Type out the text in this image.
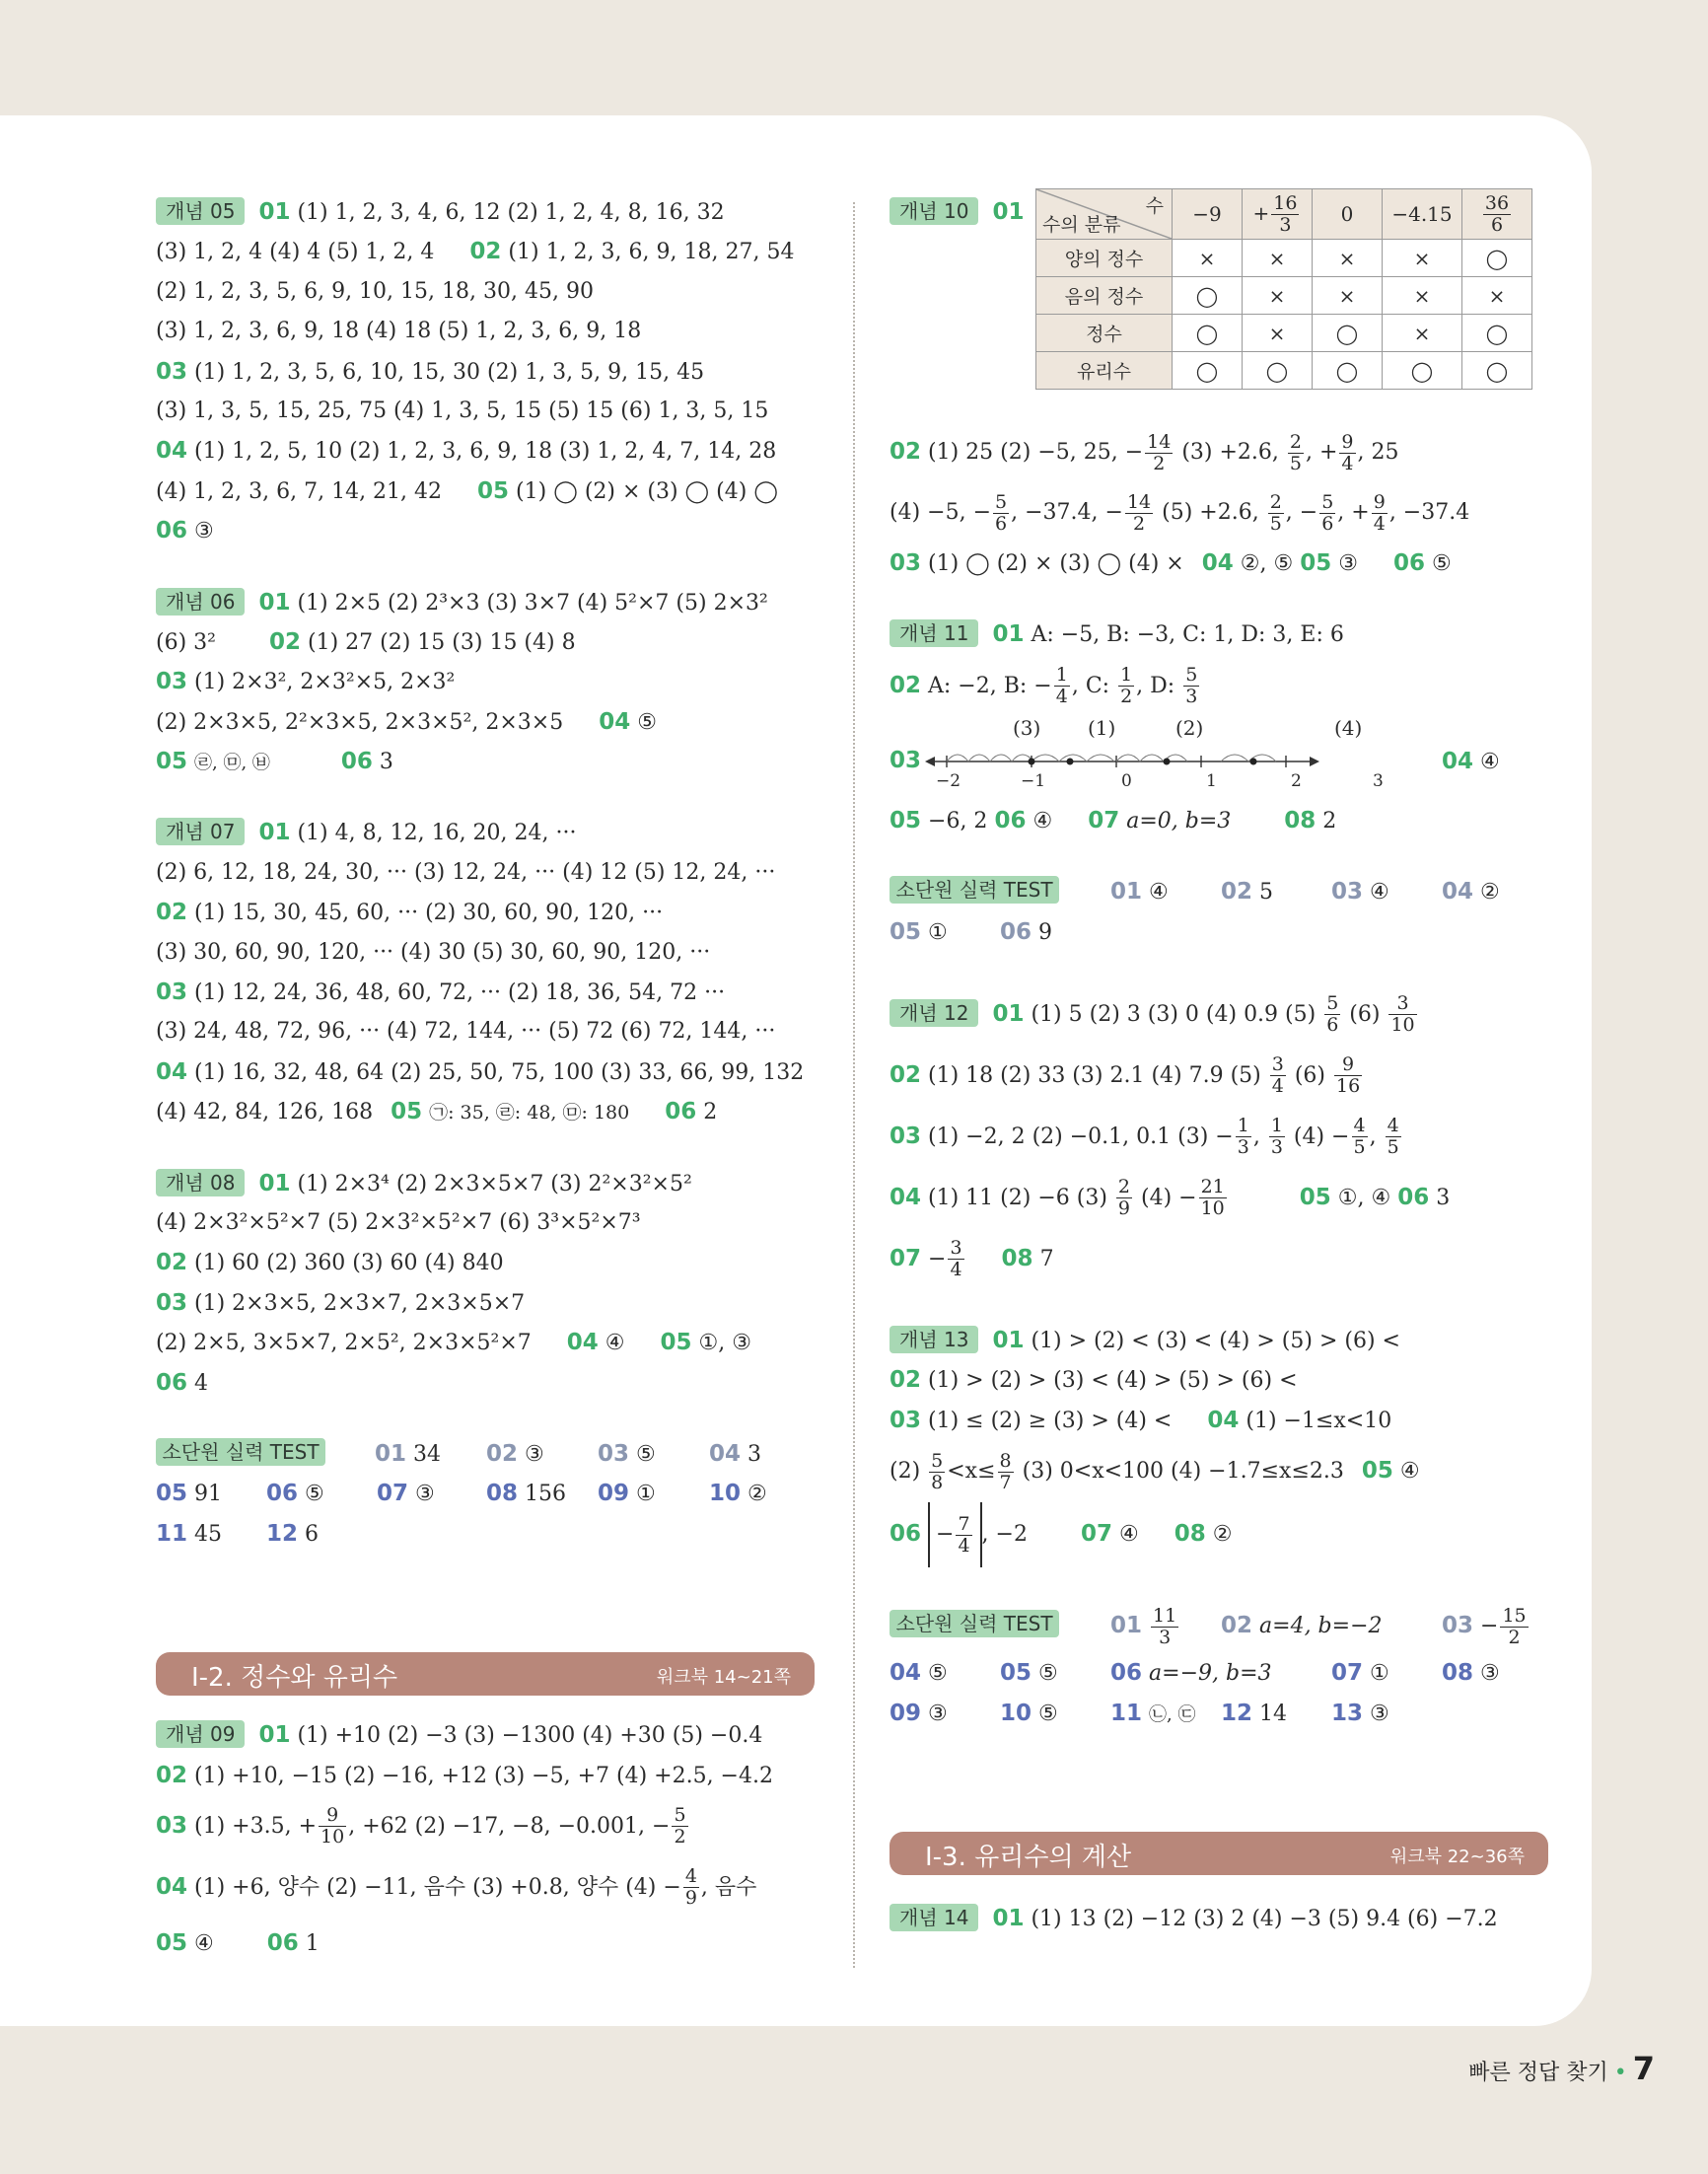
개념 05 01 (1) 1, 2, 3, 4, 6, 12 (2) 1, 2, 4, 8, 16, 32
(3) 1, 2, 4 (4) 4 (5) 1, 2, 4 02 (1) 1, 2, 3, 6, 9, 18, 27, 54
(2) 1, 2, 3, 5, 6, 9, 10, 15, 18, 30, 45, 90
(3) 1, 2, 3, 6, 9, 18 (4) 18 (5) 1, 2, 3, 6, 9, 18
03 (1) 1, 2, 3, 5, 6, 10, 15, 30 (2) 1, 3, 5, 9, 15, 45
(3) 1, 3, 5, 15, 25, 75 (4) 1, 3, 5, 15 (5) 15 (6) 1, 3, 5, 15
04 (1) 1, 2, 5, 10 (2) 1, 2, 3, 6, 9, 18 (3) 1, 2, 4, 7, 14, 28
(4) 1, 2, 3, 6, 7, 14, 21, 42 05 (1) ◯ (2) × (3) ◯ (4) ◯
06 ③
개념 06 01 (1) 2×5 (2) 2³×3 (3) 3×7 (4) 5²×7 (5) 2×3²
(6) 3² 02 (1) 27 (2) 15 (3) 15 (4) 8
03 (1) 2×3², 2×3²×5, 2×3²
(2) 2×3×5, 2²×3×5, 2×3×5², 2×3×5 04 ⑤
05 ㉣, ㉤, ㉥	06 3
개념 07 01 (1) 4, 8, 12, 16, 20, 24, ···
(2) 6, 12, 18, 24, 30, ··· (3) 12, 24, ··· (4) 12 (5) 12, 24, ···
02 (1) 15, 30, 45, 60, ··· (2) 30, 60, 90, 120, ···
(3) 30, 60, 90, 120, ··· (4) 30 (5) 30, 60, 90, 120, ···
03 (1) 12, 24, 36, 48, 60, 72, ··· (2) 18, 36, 54, 72 ···
(3) 24, 48, 72, 96, ··· (4) 72, 144, ··· (5) 72 (6) 72, 144, ···
04 (1) 16, 32, 48, 64 (2) 25, 50, 75, 100 (3) 33, 66, 99, 132
(4) 42, 84, 126, 168 05 ㉠: 35, ㉣: 48, ㉤: 180 06 2
개념 08 01 (1) 2×3⁴ (2) 2×3×5×7 (3) 2²×3²×5²
(4) 2×3²×5²×7 (5) 2×3²×5²×7 (6) 3³×5²×7³
02 (1) 60 (2) 360 (3) 60 (4) 840
03 (1) 2×3×5, 2×3×7, 2×3×5×7
(2) 2×5, 3×5×7, 2×5², 2×3×5²×7 04 ④ 05 ①, ③
06 4
소단원 실력 TEST 01 34 02 ③ 03 ⑤ 04 3
05 91 06 ⑤ 07 ③ 08 156 09 ① 10 ②
11 45 12 6
Ⅰ-2. 정수와 유리수	워크북 14~21쪽
개념 09 01 (1) +10 (2) −3 (3) −1300 (4) +30 (5) −0.4
02 (1) +10, −15 (2) −16, +12 (3) −5, +7 (4) +2.5, −4.2
03 (1) +3.5, + $\frac{9}{10}$ , +62 (2) −17, −8, −0.001, − $\frac{5}{2}$
04 (1) +6, 양수 (2) −11, 음수 (3) +0.8, 양수 $(4) - \frac{4}{9}$ , 음수
05 ④ 06 1
개념 10 01	수
수의 분류	−9	+ $\frac{16}{3}$	0	−4.15	$\frac{36}{6}$

양의 정수	×	×	×	×	◯
음의 정수	◯	×	×	×	×
정수	◯	×	◯	×	◯
유리수	◯	◯	◯	◯	◯
02 (1) 25 (2) −5, 25, − $\frac{14}{2} (3) +2.6$, $\frac{2}{5}$ , + $\frac{9}{4}$ , 25
(4) −5, − $\frac{5}{6}$ , −37.4, − $\frac{14}{2} (5) +2.6$, $\frac{2}{5}$ , − $\frac{5}{6}$ , + $\frac{9}{4}$ , −37.4
03 (1) ◯ (2) × (3) ◯ (4) × 04 ②, ⑤ 05 ③ 06 ⑤
개념 11 01 A: −5, B: −3, C: 1, D: 3, E: 6
02 A: −2, B: − $\frac{1}{4}$ , C: $\frac{1}{2}$ , D: $\frac{5}{3}$
03
(3) (1)	(2)	(4)
−2	−1	0	1	2	3
04 ④
05 −6, 2 06 ④ 07 a=0, b=3 08 2
소단원 실력 TEST	01 ④ 02 5	03 ④ 04 ②
05 ① 06 9
개념 12 01 (1) 5 (2) 3 (3) 0 (4) 0.9 $(5) \frac{5}{6} (6) \frac{3}{10}$
02 (1) 18 (2) 33 (3) 2.1 (4) 7.9 $(5) \frac{3}{4} (6) \frac{9}{16}$
03 (1) −2, 2 (2) −0.1, 0.1 $(3) - \frac{1}{3}$ , $\frac{1}{3} (4) - \frac{4}{5}$ , $\frac{4}{5}$
04 (1) 11 (2) −6 $(3) \frac{2}{9} (4) - \frac{21}{10}$	05 ①, ④ 06 3
$07 - \frac{3}{4} 08$ 7
개념 13 01 (1) > (2) < (3) < (4) > (5) > (6) <
02 (1) > (2) > (3) < (4) > (5) > (6) <
03 (1) ≤ (2) ≥ (3) > (4) < 04 (1) −1≤x<10
$(2) \frac{5}{8} <x\le \frac{8}{7} (3)$ 0<x<100 (4) −1.7≤x≤2.3 05 ④
$06 - \frac{7}{4}$ , −2 07 ④ 08 ②
소단원 실력 TEST	$01 \frac{11}{3} 02$ a=4, b=−2	$03 - \frac{15}{2}$
04 ⑤ 05 ⑤ 06 a=−9, b=3	07 ① 08 ③
09 ③ 10 ⑤ 11 ㉡, ㉢ 12 14 13 ③
Ⅰ-3. 유리수의 계산	워크북 22~36쪽
개념 14 01 (1) 13 (2) −12 (3) 2 (4) −3 (5) 9.4 (6) −7.2
빠른 정답 찾기 • 7
